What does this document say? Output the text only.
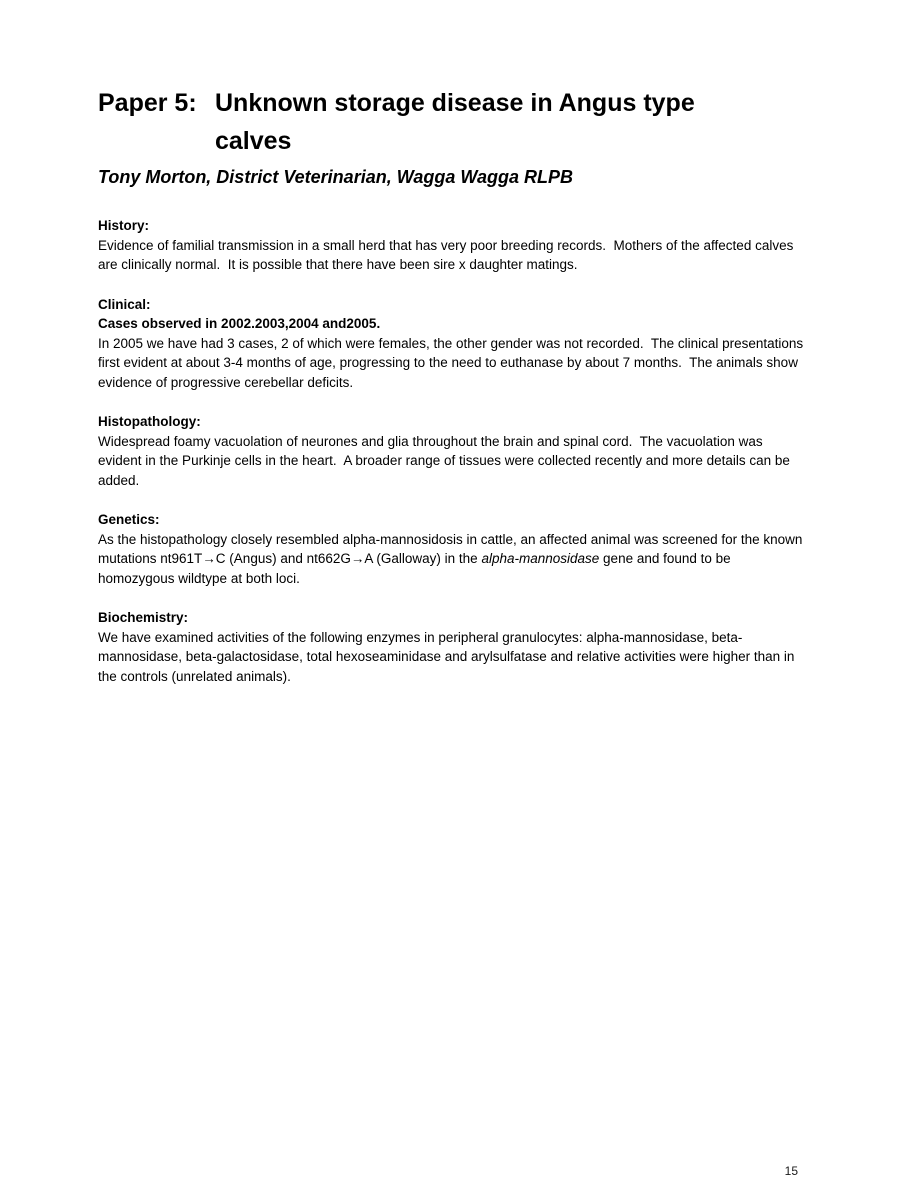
Paper 5: Unknown storage disease in Angus type calves

Tony Morton, District Veterinarian, Wagga Wagga RLPB

History:

Evidence of familial transmission in a small herd that has very poor breeding records.  Mothers of the affected calves are clinically normal.  It is possible that there have been sire x daughter matings.

Clinical:

Cases observed in 2002.2003,2004 and2005.

In 2005 we have had 3 cases, 2 of which were females, the other gender was not recorded.  The clinical presentations first evident at about 3-4 months of age, progressing to the need to euthanase by about 7 months.  The animals show evidence of progressive cerebellar deficits.

Histopathology:

Widespread foamy vacuolation of neurones and glia throughout the brain and spinal cord.  The vacuolation was evident in the Purkinje cells in the heart.  A broader range of tissues were collected recently and more details can be added.

Genetics:

As the histopathology closely resembled alpha-mannosidosis in cattle, an affected animal was screened for the known mutations nt961T→C (Angus) and nt662G→A (Galloway) in the alpha-mannosidase gene and found to be homozygous wildtype at both loci.

Biochemistry:

We have examined activities of the following enzymes in peripheral granulocytes: alpha-mannosidase, beta-mannosidase, beta-galactosidase, total hexoseaminidase and arylsulfatase and relative activities were higher than in the controls (unrelated animals).

15
